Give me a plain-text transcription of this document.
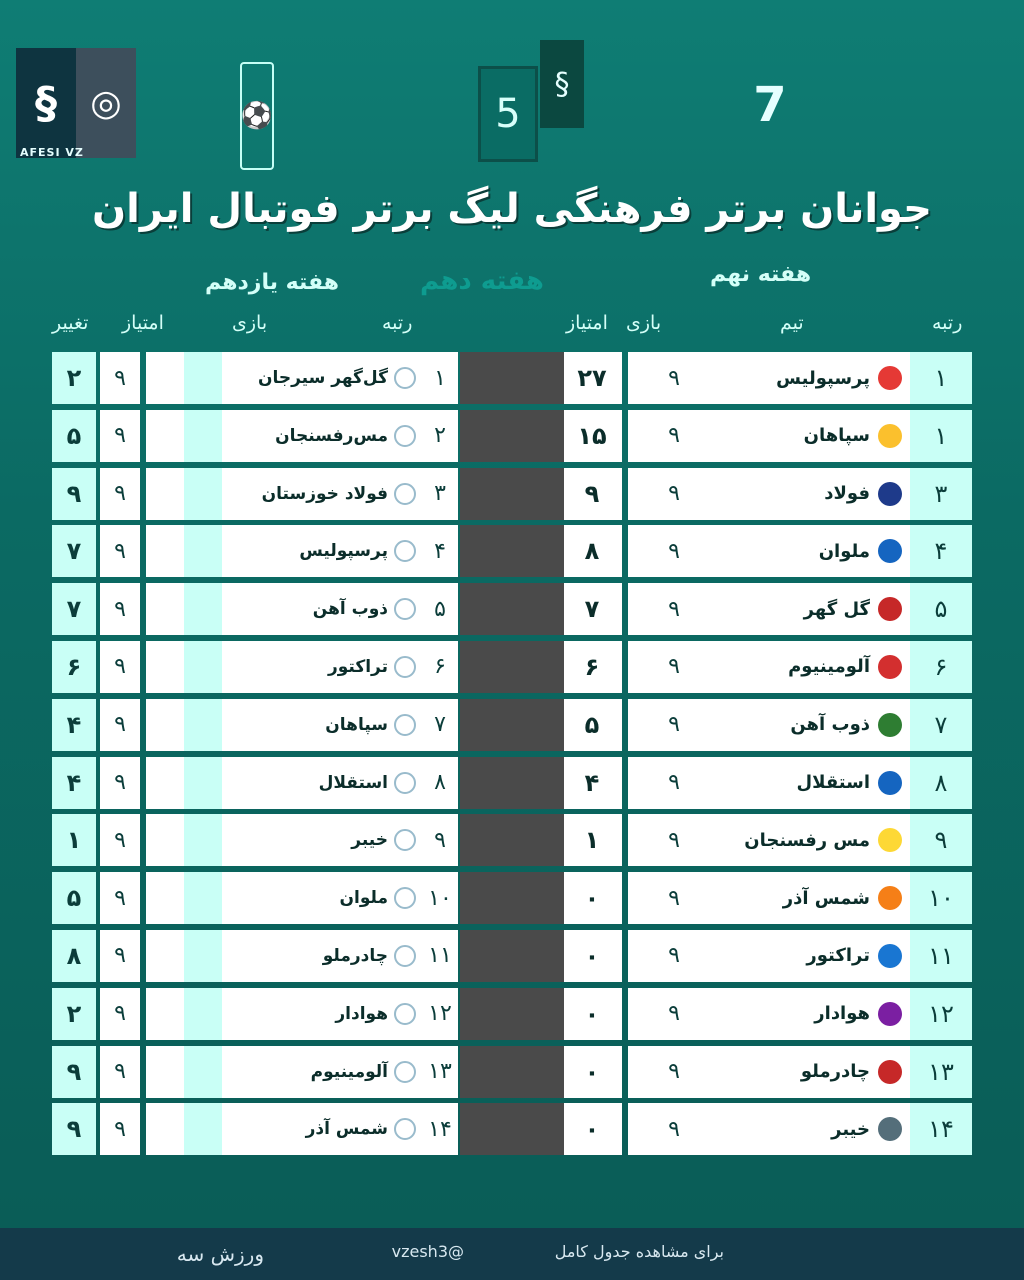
§ ◎
AFESI VZ
⚽	5
§	7
جوانان برتر فرهنگی لیگ برتر فوتبال ایران
هفته نهم
هفته دهم
هفته یازدهم
رتبه
تیم
بازی
امتیاز
رتبه
بازی
امتیاز
تغییر
۱
پرسپولیس
۹
۲۷
۱
سپاهان
۹
۱۵
۳
فولاد
۹
۹
۴
ملوان
۹
۸
۵
گل گهر
۹
۷
۶
آلومینیوم
۹
۶
۷
ذوب آهن
۹
۵
۸
استقلال
۹
۴
۹
مس رفسنجان
۹
۱
۱۰
شمس آذر
۹
۰
۱۱
تراکتور
۹
۰
۱۲
هوادار
۹
۰
۱۳
چادرملو
۹
۰
۱۴
خیبر
۹
۰
۱
گل‌گهر سیرجان
۹
۲
۲
مس‌رفسنجان
۹
۵
۳
فولاد خوزستان
۹
۹
۴
پرسپولیس
۹
۷
۵
ذوب آهن
۹
۷
۶
تراکتور
۹
۶
۷
سپاهان
۹
۴
۸
استقلال
۹
۴
۹
خیبر
۹
۱
۱۰
ملوان
۹
۵
۱۱
چادرملو
۹
۸
۱۲
هوادار
۹
۲
۱۳
آلومینیوم
۹
۹
۱۴
شمس آذر
۹
۹
برای مشاهده جدول کامل
@vzesh3
ورزش سه
